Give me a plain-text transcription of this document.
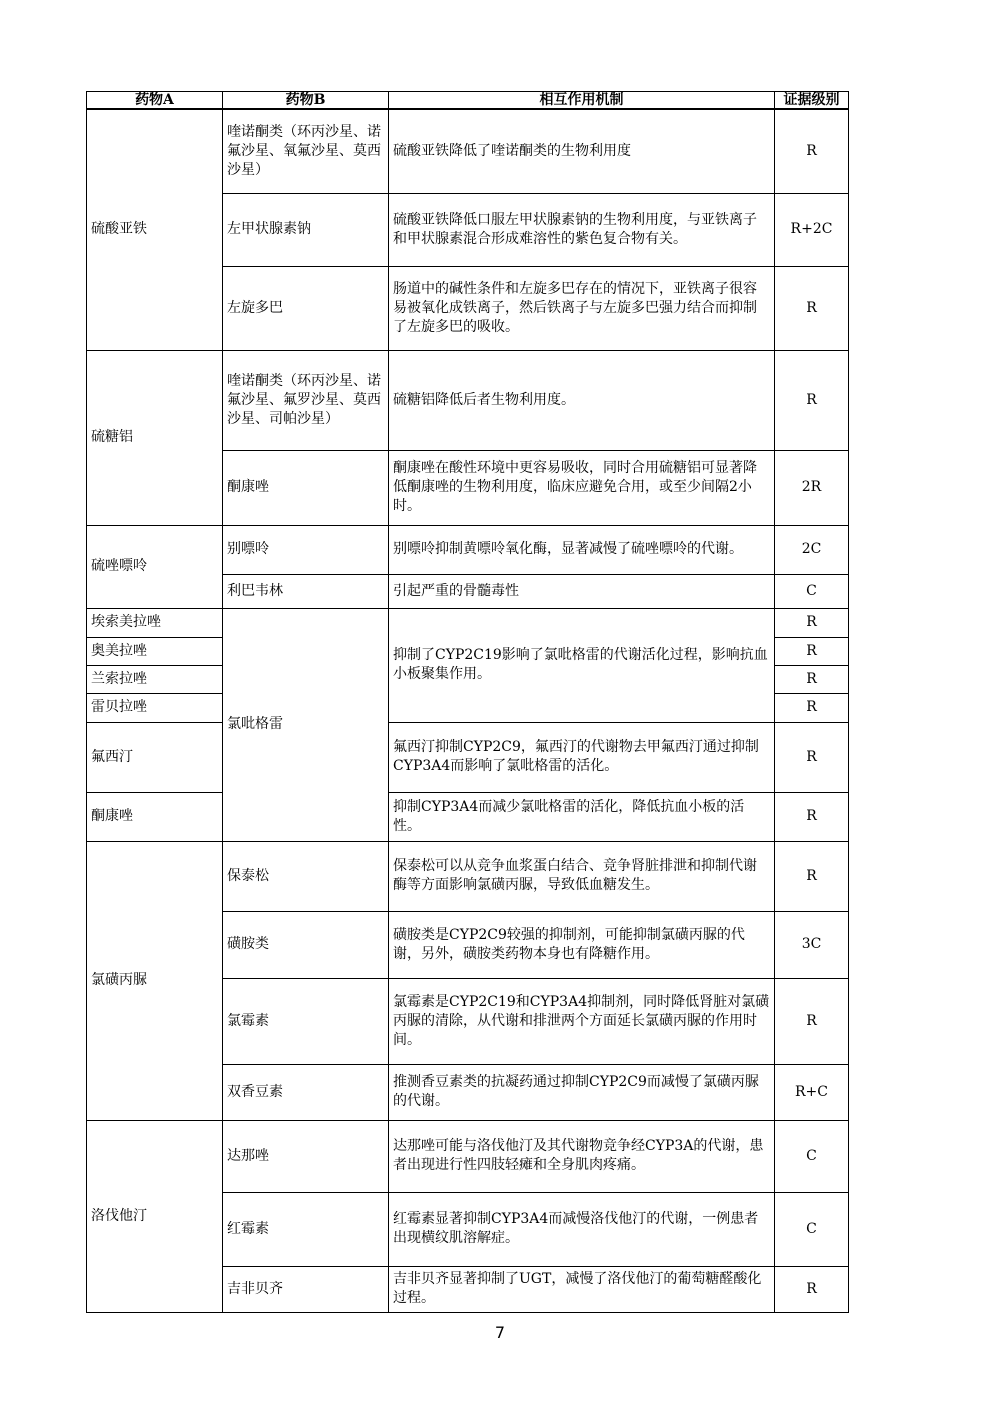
药物A	药物B	相互作用机制	证据级别
硫酸亚铁	喹诺酮类（环丙沙星、诺氟沙星、氧氟沙星、莫西沙星）	硫酸亚铁降低了喹诺酮类的生物利用度	R
	左甲状腺素钠	硫酸亚铁降低口服左甲状腺素钠的生物利用度，与亚铁离子和甲状腺素混合形成难溶性的紫色复合物有关。	R+2C
	左旋多巴	肠道中的碱性条件和左旋多巴存在的情况下，亚铁离子很容易被氧化成铁离子，然后铁离子与左旋多巴强力结合而抑制了左旋多巴的吸收。	R
硫糖铝	喹诺酮类（环丙沙星、诺氟沙星、氟罗沙星、莫西沙星、司帕沙星）	硫糖铝降低后者生物利用度。	R
	酮康唑	酮康唑在酸性环境中更容易吸收，同时合用硫糖铝可显著降低酮康唑的生物利用度，临床应避免合用，或至少间隔2小时。	2R
硫唑嘌呤	别嘌呤	别嘌呤抑制黄嘌呤氧化酶，显著减慢了硫唑嘌呤的代谢。	2C
	利巴韦林	引起严重的骨髓毒性	C
埃索美拉唑	氯吡格雷	抑制了CYP2C19影响了氯吡格雷的代谢活化过程，影响抗血小板聚集作用。	R
奥美拉唑			R
兰索拉唑			R
雷贝拉唑			R
氟西汀		氟西汀抑制CYP2C9，氟西汀的代谢物去甲氟西汀通过抑制CYP3A4而影响了氯吡格雷的活化。	R
酮康唑		抑制CYP3A4而减少氯吡格雷的活化，降低抗血小板的活性。	R
氯磺丙脲	保泰松	保泰松可以从竞争血浆蛋白结合、竞争肾脏排泄和抑制代谢酶等方面影响氯磺丙脲，导致低血糖发生。	R
	磺胺类	磺胺类是CYP2C9较强的抑制剂，可能抑制氯磺丙脲的代谢，另外，磺胺类药物本身也有降糖作用。	3C
	氯霉素	氯霉素是CYP2C19和CYP3A4抑制剂，同时降低肾脏对氯磺丙脲的清除，从代谢和排泄两个方面延长氯磺丙脲的作用时间。	R
	双香豆素	推测香豆素类的抗凝药通过抑制CYP2C9而减慢了氯磺丙脲的代谢。	R+C
洛伐他汀	达那唑	达那唑可能与洛伐他汀及其代谢物竞争经CYP3A的代谢，患者出现进行性四肢轻瘫和全身肌肉疼痛。	C
	红霉素	红霉素显著抑制CYP3A4而减慢洛伐他汀的代谢，一例患者出现横纹肌溶解症。	C
	吉非贝齐	吉非贝齐显著抑制了UGT，减慢了洛伐他汀的葡萄糖醛酸化过程。	R
7
